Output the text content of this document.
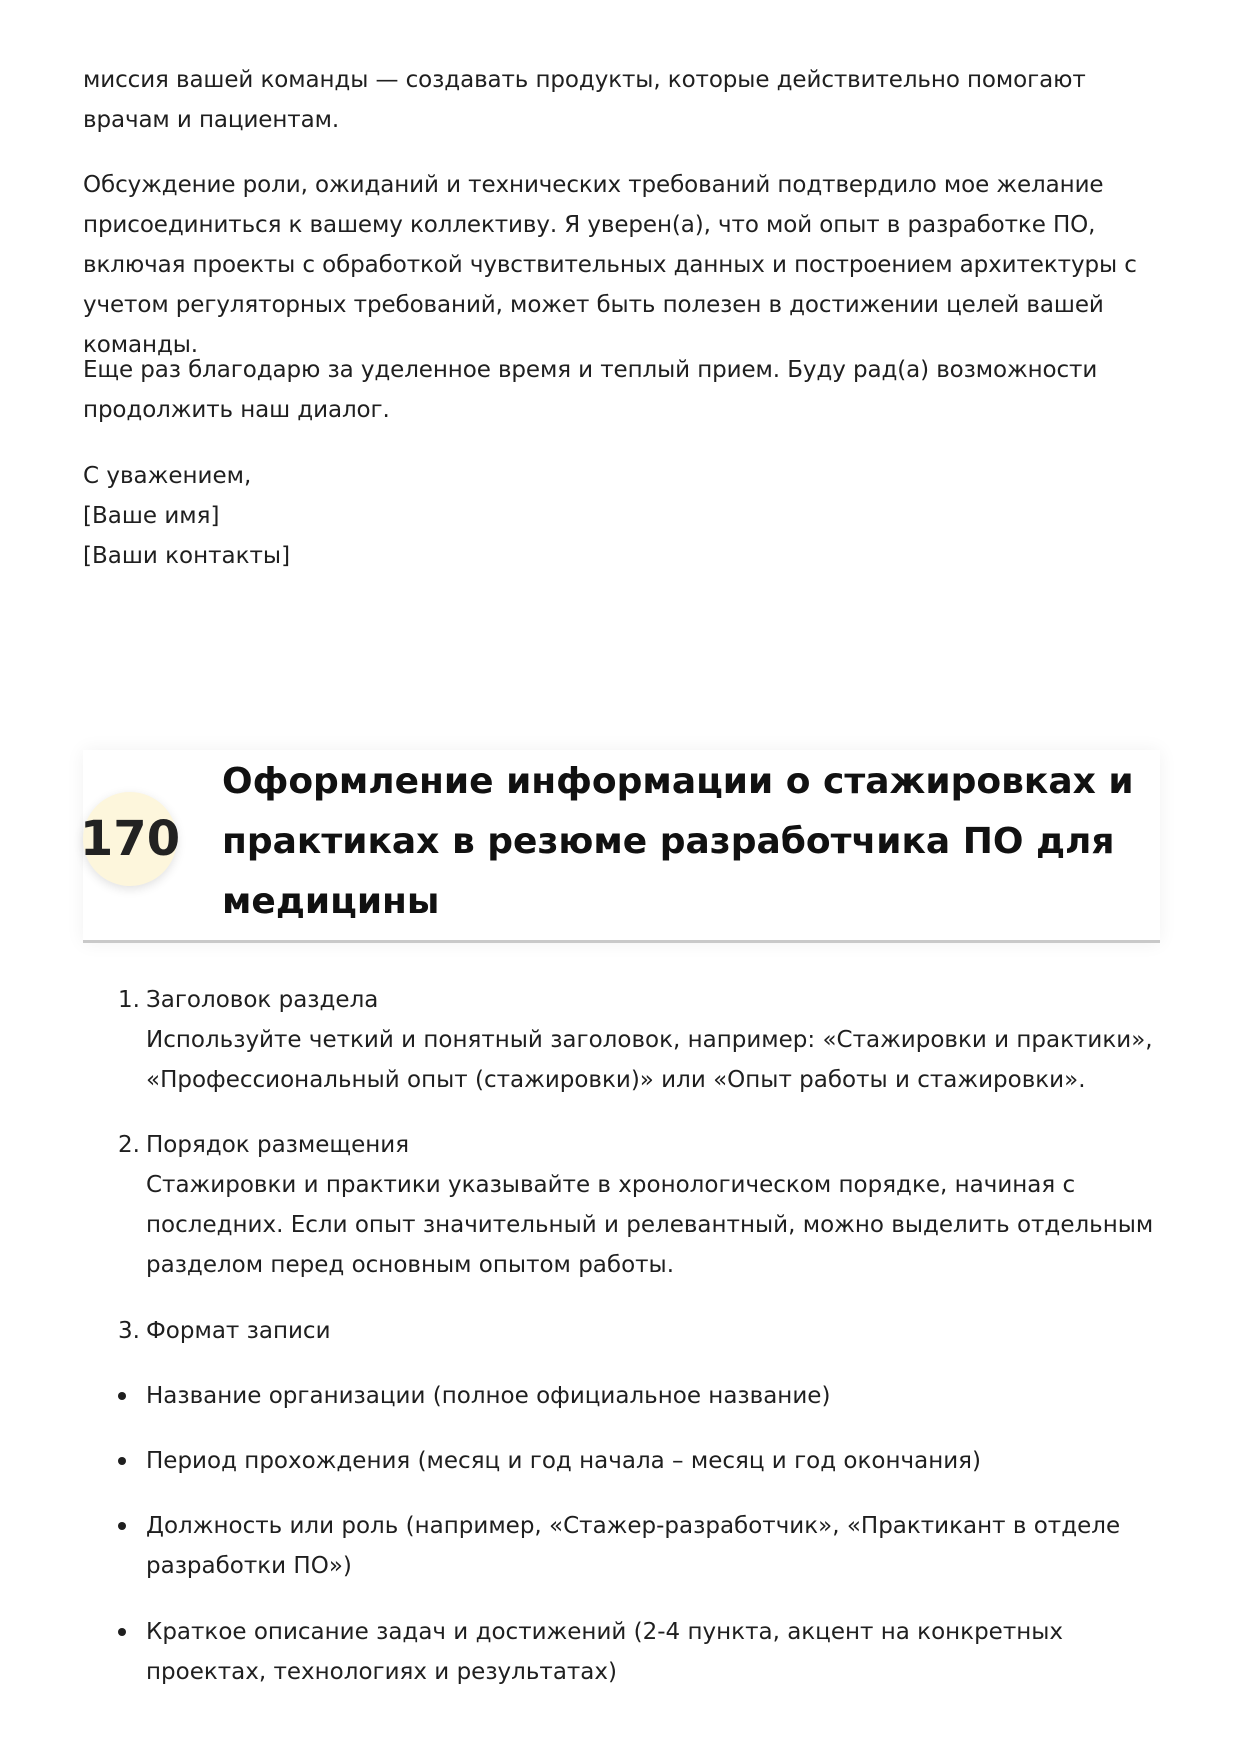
миссия вашей команды — создавать продукты, которые действительно помогают врачам и пациентам.

Обсуждение роли, ожиданий и технических требований подтвердило мое желание присоединиться к вашему коллективу. Я уверен(а), что мой опыт в разработке ПО, включая проекты с обработкой чувствительных данных и построением архитектуры с учетом регуляторных требований, может быть полезен в достижении целей вашей команды.

Еще раз благодарю за уделенное время и теплый прием. Буду рад(а) возможности продолжить наш диалог.

С уважением,
[Ваше имя]
[Ваши контакты]
170
Оформление информации о стажировках и практиках в резюме разработчика ПО для медицины
1. Заголовок раздела
Используйте четкий и понятный заголовок, например: «Стажировки и практики», «Профессиональный опыт (стажировки)» или «Опыт работы и стажировки».
2. Порядок размещения
Стажировки и практики указывайте в хронологическом порядке, начиная с последних. Если опыт значительный и релевантный, можно выделить отдельным разделом перед основным опытом работы.
3. Формат записи
Название организации (полное официальное название)
Период прохождения (месяц и год начала – месяц и год окончания)
Должность или роль (например, «Стажер-разработчик», «Практикант в отделе разработки ПО»)
Краткое описание задач и достижений (2-4 пункта, акцент на конкретных проектах, технологиях и результатах)
